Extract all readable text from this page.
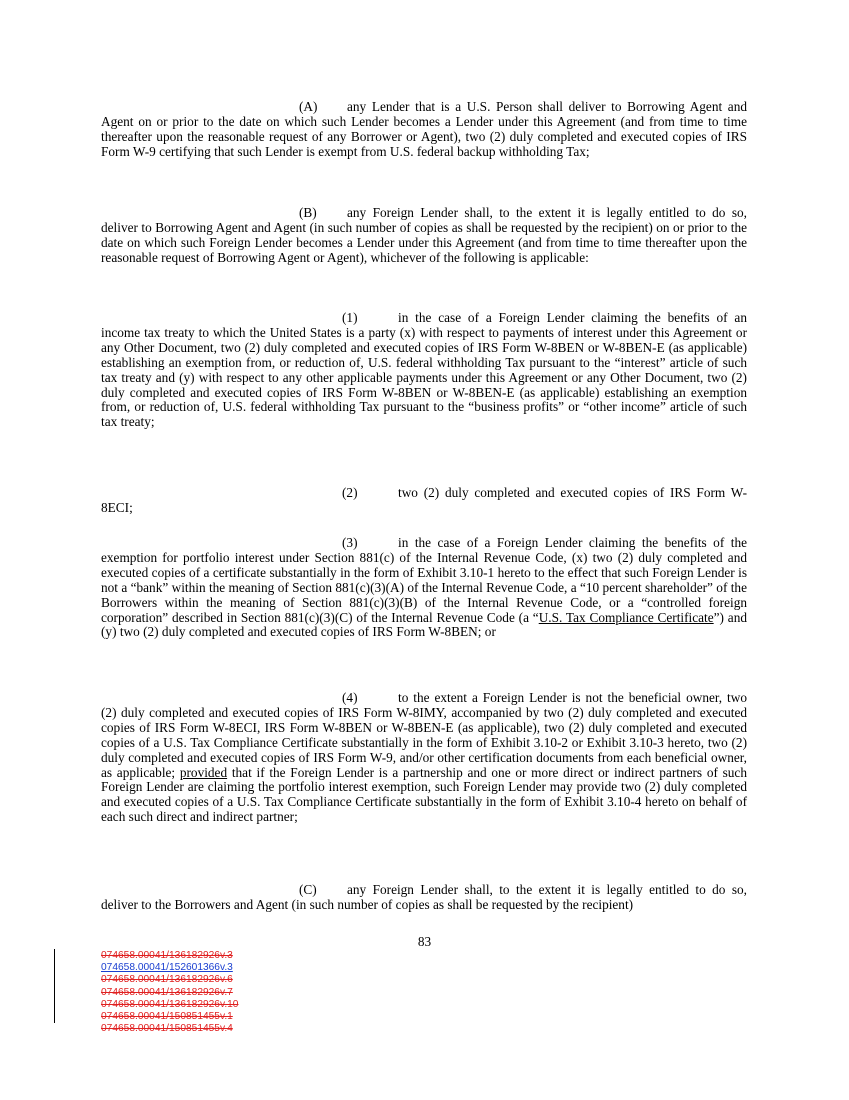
(A) any Lender that is a U.S. Person shall deliver to Borrowing Agent and Agent on or prior to the date on which such Lender becomes a Lender under this Agreement (and from time to time thereafter upon the reasonable request of any Borrower or Agent), two (2) duly completed and executed copies of IRS Form W-9 certifying that such Lender is exempt from U.S. federal backup withholding Tax;

(B) any Foreign Lender shall, to the extent it is legally entitled to do so, deliver to Borrowing Agent and Agent (in such number of copies as shall be requested by the recipient) on or prior to the date on which such Foreign Lender becomes a Lender under this Agreement (and from time to time thereafter upon the reasonable request of Borrowing Agent or Agent), whichever of the following is applicable:

(1)	in the case of a Foreign Lender claiming the benefits of an income tax treaty to which the United States is a party (x) with respect to payments of interest under this Agreement or any Other Document, two (2) duly completed and executed copies of IRS Form W-8BEN or W-8BEN-E (as applicable) establishing an exemption from, or reduction of, U.S. federal withholding Tax pursuant to the “interest” article of such tax treaty and (y) with respect to any other applicable payments under this Agreement or any Other Document, two (2) duly completed and executed copies of IRS Form W-8BEN or W-8BEN-E (as applicable) establishing an exemption from, or reduction of, U.S. federal withholding Tax pursuant to the “business profits” or “other income” article of such tax treaty;

(2)	two (2) duly completed and executed copies of IRS Form W-8ECI;

(3)	in the case of a Foreign Lender claiming the benefits of the exemption for portfolio interest under Section 881(c) of the Internal Revenue Code, (x) two (2) duly completed and executed copies of a certificate substantially in the form of Exhibit 3.10-1 hereto to the effect that such Foreign Lender is not a “bank” within the meaning of Section 881(c)(3)(A) of the Internal Revenue Code, a “10 percent shareholder” of the Borrowers within the meaning of Section 881(c)(3)(B) of the Internal Revenue Code, or a “controlled foreign corporation” described in Section 881(c)(3)(C) of the Internal Revenue Code (a “U.S. Tax Compliance Certificate”) and (y) two (2) duly completed and executed copies of IRS Form W-8BEN; or

(4)	to the extent a Foreign Lender is not the beneficial owner, two (2) duly completed and executed copies of IRS Form W-8IMY, accompanied by two (2) duly completed and executed copies of IRS Form W-8ECI, IRS Form W-8BEN or W-8BEN-E (as applicable), two (2) duly completed and executed copies of a U.S. Tax Compliance Certificate substantially in the form of Exhibit 3.10-2 or Exhibit 3.10-3 hereto, two (2) duly completed and executed copies of IRS Form W-9, and/or other certification documents from each beneficial owner, as applicable; provided that if the Foreign Lender is a partnership and one or more direct or indirect partners of such Foreign Lender are claiming the portfolio interest exemption, such Foreign Lender may provide two (2) duly completed and executed copies of a U.S. Tax Compliance Certificate substantially in the form of Exhibit 3.10-4 hereto on behalf of each such direct and indirect partner;

(C) any Foreign Lender shall, to the extent it is legally entitled to do so, deliver to the Borrowers and Agent (in such number of copies as shall be requested by the recipient)

83
074658.00041/136182926v.3
074658.00041/152601366v.3
074658.00041/136182926v.6
074658.00041/136182926v.7
074658.00041/136182926v.10
074658.00041/150851455v.1
074658.00041/150851455v.4
